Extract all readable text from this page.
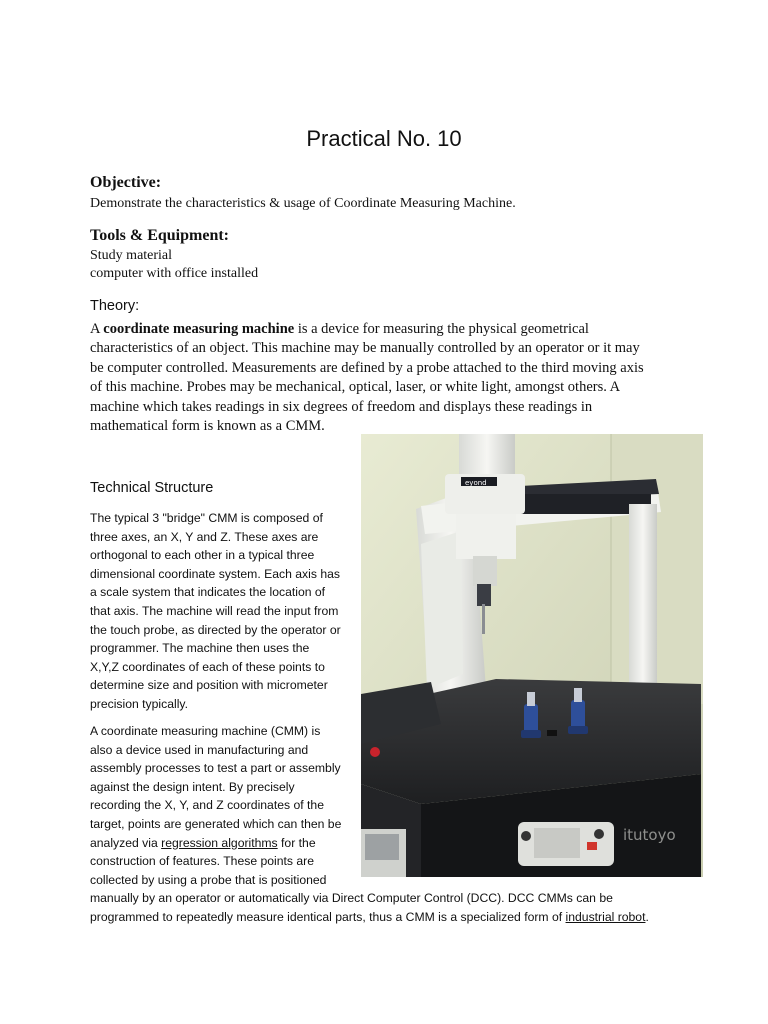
Practical No. 10
Objective:
Demonstrate the characteristics & usage of Coordinate Measuring Machine.
Tools & Equipment:
Study material
computer with office installed
Theory:
A coordinate measuring machine is a device for measuring the physical geometrical
characteristics of an object. This machine may be manually controlled by an operator or it may
be computer controlled. Measurements are defined by a probe attached to the third moving axis
of this machine. Probes may be mechanical, optical, laser, or white light, amongst others. A
machine which takes readings in six degrees of freedom and displays these readings in
mathematical form is known as a CMM.
Technical Structure
The typical 3 "bridge" CMM is composed of
three axes, an X, Y and Z. These axes are
orthogonal to each other in a typical three
dimensional coordinate system. Each axis has
a scale system that indicates the location of
that axis. The machine will read the input from
the touch probe, as directed by the operator or
programmer. The machine then uses the
X,Y,Z coordinates of each of these points to
determine size and position with micrometer
precision typically.
A coordinate measuring machine (CMM) is
also a device used in manufacturing and
assembly processes to test a part or assembly
against the design intent. By precisely
recording the X, Y, and Z coordinates of the
target, points are generated which can then be
analyzed via regression algorithms for the
construction of features. These points are
collected by using a probe that is positioned
manually by an operator or automatically via Direct Computer Control (DCC). DCC CMMs can be
programmed to repeatedly measure identical parts, thus a CMM is a specialized form of industrial robot.
eyond
itutoyo
